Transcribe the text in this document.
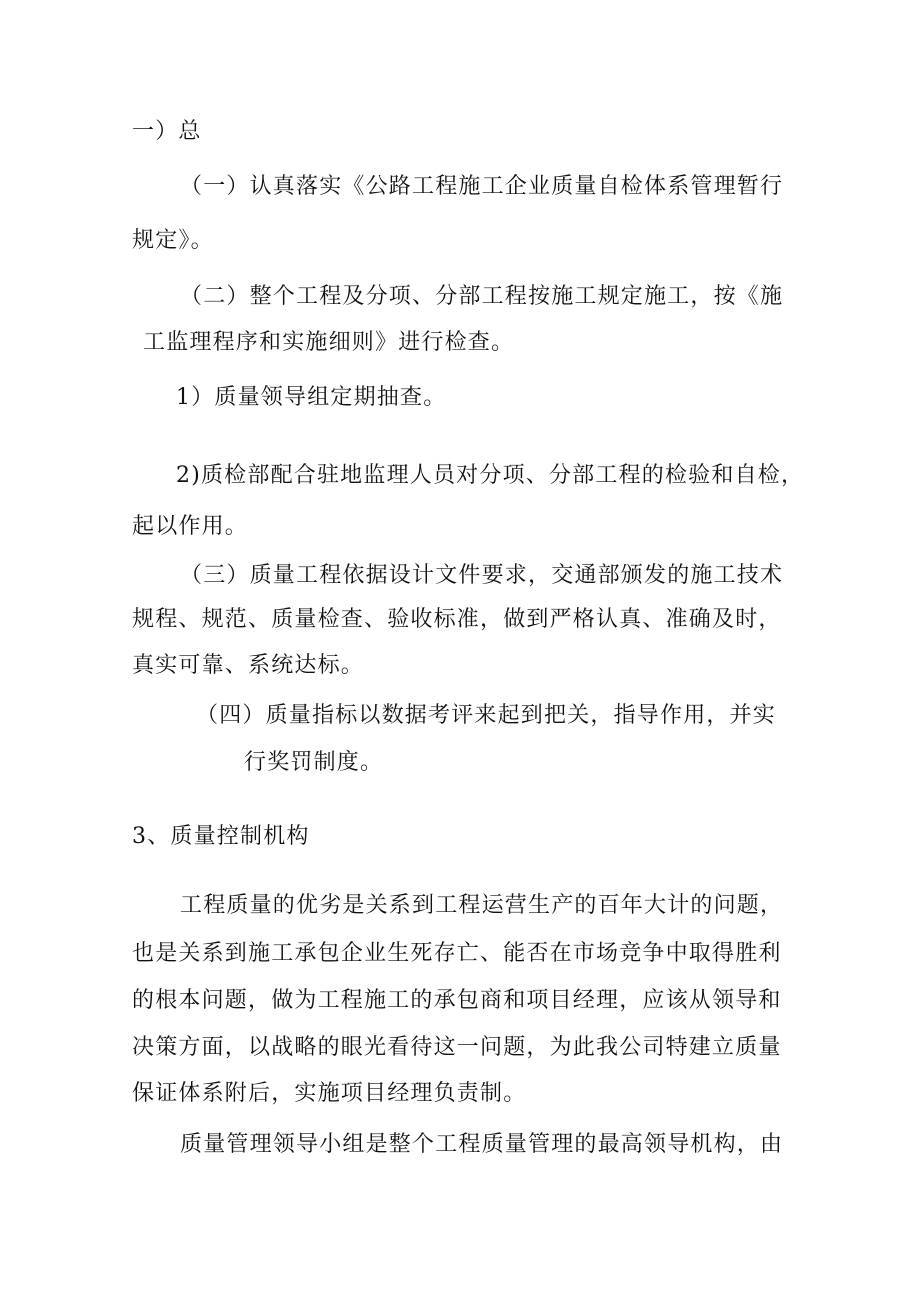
一）总
（一）认真落实《公路工程施工企业质量自检体系管理暂行
规定》。
（二）整个工程及分项、分部工程按施工规定施工，按《施
工监理程序和实施细则》进行检查。
1）质量领导组定期抽查。
2)质检部配合驻地监理人员对分项、分部工程的检验和自检，
起以作用。
（三）质量工程依据设计文件要求，交通部颁发的施工技术
规程、规范、质量检查、验收标准，做到严格认真、准确及时，
真实可靠、系统达标。
（四）质量指标以数据考评来起到把关，指导作用，并实
行奖罚制度。
3、质量控制机构
工程质量的优劣是关系到工程运营生产的百年大计的问题，
也是关系到施工承包企业生死存亡、能否在市场竞争中取得胜利
的根本问题，做为工程施工的承包商和项目经理，应该从领导和
决策方面，以战略的眼光看待这一问题，为此我公司特建立质量
保证体系附后，实施项目经理负责制。
质量管理领导小组是整个工程质量管理的最高领导机构，由
